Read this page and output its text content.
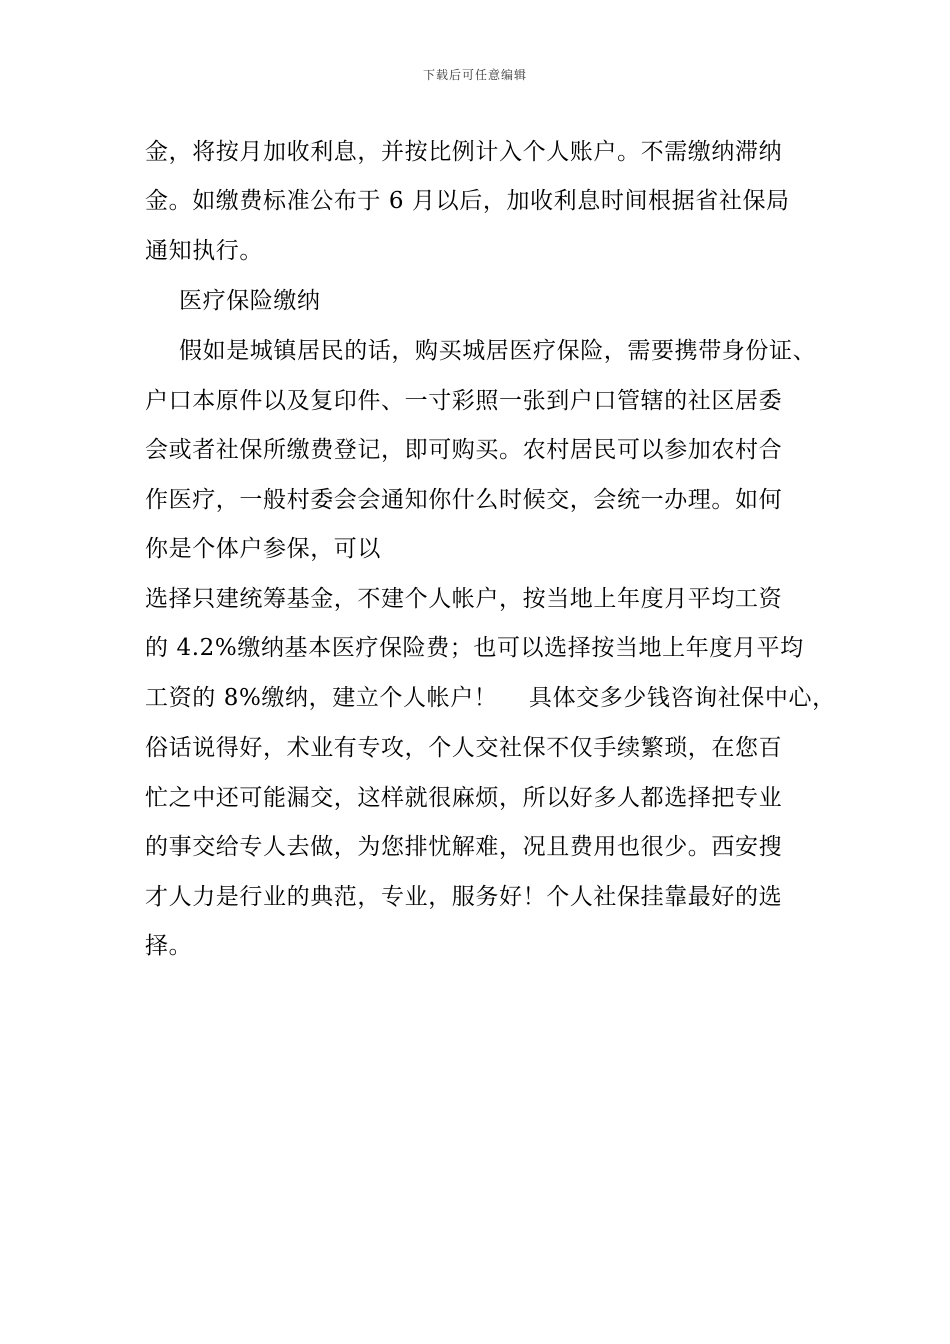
下载后可任意编辑
金，将按月加收利息，并按比例计入个人账户。不需缴纳滞纳
金。如缴费标准公布于 6 月以后，加收利息时间根据省社保局
通知执行。
医疗保险缴纳
假如是城镇居民的话，购买城居医疗保险，需要携带身份证、
户口本原件以及复印件、一寸彩照一张到户口管辖的社区居委
会或者社保所缴费登记，即可购买。农村居民可以参加农村合
作医疗，一般村委会会通知你什么时候交，会统一办理。如何
你是个体户参保，可以
选择只建统筹基金，不建个人帐户，按当地上年度月平均工资
的 4.2%缴纳基本医疗保险费；也可以选择按当地上年度月平均
工资的 8%缴纳，建立个人帐户！　 具体交多少钱咨询社保中心，
俗话说得好，术业有专攻，个人交社保不仅手续繁琐，在您百
忙之中还可能漏交，这样就很麻烦，所以好多人都选择把专业
的事交给专人去做，为您排忧解难，况且费用也很少。西安搜
才人力是行业的典范，专业，服务好！个人社保挂靠最好的选
择。
